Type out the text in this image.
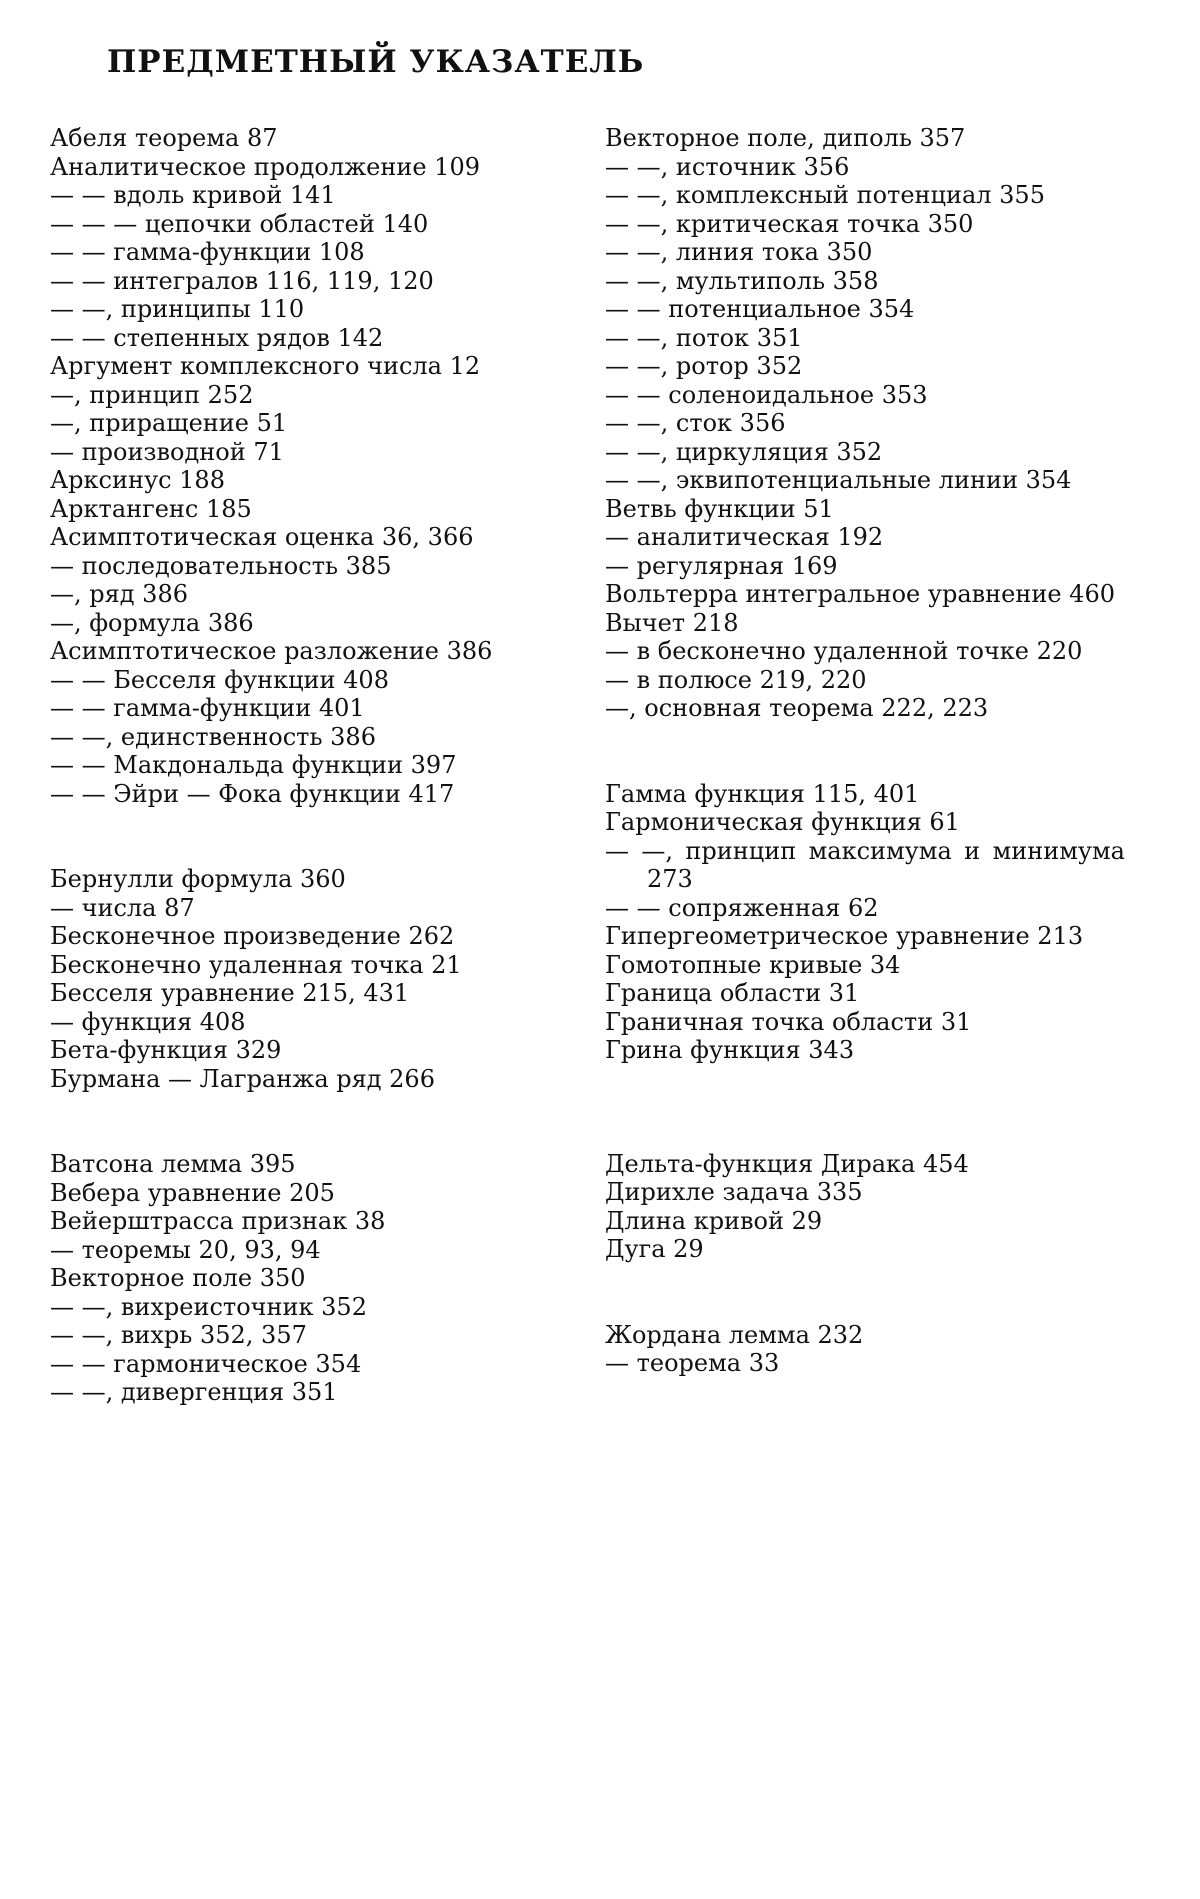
ПРЕДМЕТНЫЙ УКАЗАТЕЛЬ
Абеля теорема 87
Аналитическое продолжение 109
— — вдоль кривой 141
— — — цепочки областей 140
— — гамма-функции 108
— — интегралов 116, 119, 120
— —, принципы 110
— — степенных рядов 142
Аргумент комплексного числа 12
—, принцип 252
—, приращение 51
— производной 71
Арксинус 188
Арктангенс 185
Асимптотическая оценка 36, 366
— последовательность 385
—, ряд 386
—, формула 386
Асимптотическое разложение 386
— — Бесселя функции 408
— — гамма-функции 401
— —, единственность 386
— — Макдональда функции 397
— — Эйри — Фока функции 417
Бернулли формула 360
— числа 87
Бесконечное произведение 262
Бесконечно удаленная точка 21
Бесселя уравнение 215, 431
— функция 408
Бета-функция 329
Бурмана — Лагранжа ряд 266
Ватсона лемма 395
Вебера уравнение 205
Вейерштрасса признак 38
— теоремы 20, 93, 94
Векторное поле 350
— —, вихреисточник 352
— —, вихрь 352, 357
— — гармоническое 354
— —, дивергенция 351
Векторное поле, диполь 357
— —, источник 356
— —, комплексный потенциал 355
— —, критическая точка 350
— —, линия тока 350
— —, мультиполь 358
— — потенциальное 354
— —, поток 351
— —, ротор 352
— — соленоидальное 353
— —, сток 356
— —, циркуляция 352
— —, эквипотенциальные линии 354
Ветвь функции 51
— аналитическая 192
— регулярная 169
Вольтерра интегральное уравнение 460
Вычет 218
— в бесконечно удаленной точке 220
— в полюсе 219, 220
—, основная теорема 222, 223
Гамма функция 115, 401
Гармоническая функция 61
— —, принцип максимума и минимума 273
— — сопряженная 62
Гипергеометрическое уравнение 213
Гомотопные кривые 34
Граница области 31
Граничная точка области 31
Грина функция 343
Дельта-функция Дирака 454
Дирихле задача 335
Длина кривой 29
Дуга 29
Жордана лемма 232
— теорема 33
